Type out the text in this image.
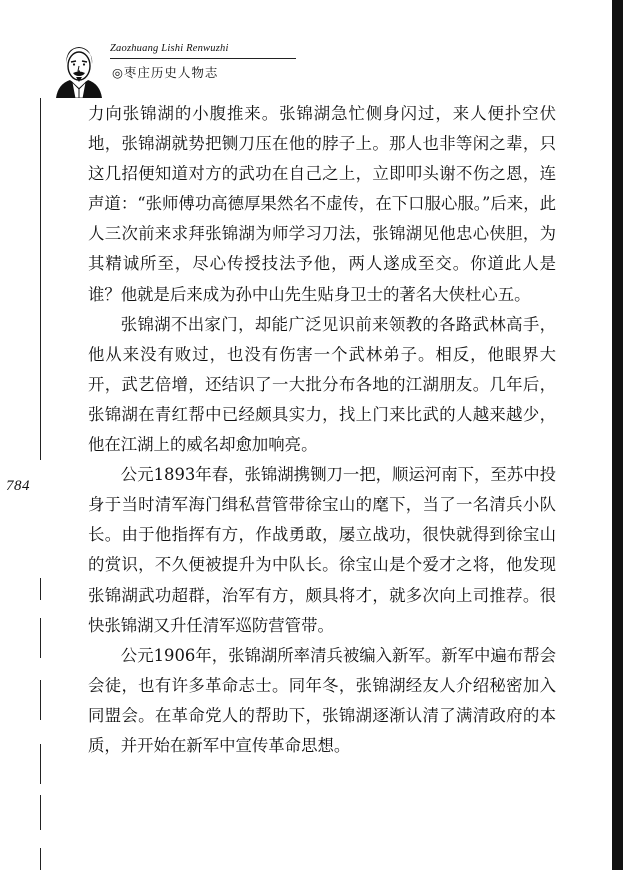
Zaozhuang Lishi Renwuzhi
◎枣庄历史人物志

力向张锦湖的小腹推来。张锦湖急忙侧身闪过，来人便扑空伏地，张锦湖就势把铡刀压在他的脖子上。那人也非等闲之辈，只这几招便知道对方的武功在自己之上，立即叩头谢不伤之恩，连声道：“张师傅功高德厚果然名不虚传，在下口服心服。”后来，此人三次前来求拜张锦湖为师学习刀法，张锦湖见他忠心侠胆，为其精诚所至，尽心传授技法予他，两人遂成至交。你道此人是谁？他就是后来成为孙中山先生贴身卫士的著名大侠杜心五。

张锦湖不出家门，却能广泛见识前来领教的各路武林高手，他从来没有败过，也没有伤害一个武林弟子。相反，他眼界大开，武艺倍增，还结识了一大批分布各地的江湖朋友。几年后，张锦湖在青红帮中已经颇具实力，找上门来比武的人越来越少，他在江湖上的威名却愈加响亮。

公元1893年春，张锦湖携铡刀一把，顺运河南下，至苏中投身于当时清军海门缉私营管带徐宝山的麾下，当了一名清兵小队长。由于他指挥有方，作战勇敢，屡立战功，很快就得到徐宝山的赏识，不久便被提升为中队长。徐宝山是个爱才之将，他发现张锦湖武功超群，治军有方，颇具将才，就多次向上司推荐。很快张锦湖又升任清军巡防营管带。

公元1906年，张锦湖所率清兵被编入新军。新军中遍布帮会会徒，也有许多革命志士。同年冬，张锦湖经友人介绍秘密加入同盟会。在革命党人的帮助下，张锦湖逐渐认清了满清政府的本质，并开始在新军中宣传革命思想。

784
